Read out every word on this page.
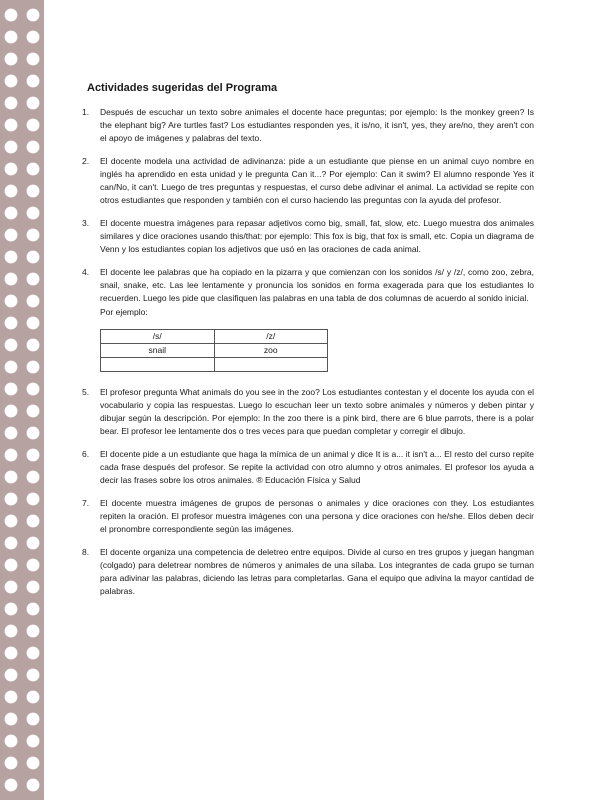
Actividades sugeridas del Programa
1.	Después de escuchar un texto sobre animales el docente hace preguntas; por ejemplo: Is the monkey green? Is the elephant big? Are turtles fast? Los estudiantes responden yes, it is/no, it isn't, yes, they are/no, they aren't con el apoyo de imágenes y palabras del texto.

2.	El docente modela una actividad de adivinanza: pide a un estudiante que piense en un animal cuyo nombre en inglés ha aprendido en esta unidad y le pregunta Can it...? Por ejemplo: Can it swim? El alumno responde Yes it can/No, it can't. Luego de tres preguntas y respuestas, el curso debe adivinar el animal. La actividad se repite con otros estudiantes que responden y también con el curso haciendo las preguntas con la ayuda del profesor.

3.	El docente muestra imágenes para repasar adjetivos como big, small, fat, slow, etc. Luego muestra dos animales similares y dice oraciones usando this/that: por ejemplo: This fox is big, that fox is small, etc. Copia un diagrama de Venn y los estudiantes copian los adjetivos que usó en las oraciones de cada animal.

4.	El docente lee palabras que ha copiado en la pizarra y que comienzan con los sonidos /s/ y /z/, como zoo, zebra, snail, snake, etc. Las lee lentamente y pronuncia los sonidos en forma exagerada para que los estudiantes lo recuerden. Luego les pide que clasifiquen las palabras en una tabla de dos columnas de acuerdo al sonido inicial.

Por ejemplo:
/s/	/z/
snail	zoo

5.	El profesor pregunta What animals do you see in the zoo? Los estudiantes contestan y el docente los ayuda con el vocabulario y copia las respuestas. Luego lo escuchan leer un texto sobre animales y números y deben pintar y dibujar según la descripción. Por ejemplo: In the zoo there is a pink bird, there are 6 blue parrots, there is a polar bear. El profesor lee lentamente dos o tres veces para que puedan completar y corregir el dibujo.

6.	El docente pide a un estudiante que haga la mímica de un animal y dice It is a... it isn't a... El resto del curso repite cada frase después del profesor. Se repite la actividad con otro alumno y otros animales. El profesor los ayuda a decir las frases sobre los otros animales. ® Educación Física y Salud

7.	El docente muestra imágenes de grupos de personas o animales y dice oraciones con they. Los estudiantes repiten la oración. El profesor muestra imágenes con una persona y dice oraciones con he/she. Ellos deben decir el pronombre correspondiente según las imágenes.

8.	El docente organiza una competencia de deletreo entre equipos. Divide al curso en tres grupos y juegan hangman (colgado) para deletrear nombres de números y animales de una sílaba. Los integrantes de cada grupo se turnan para adivinar las palabras, diciendo las letras para completarlas. Gana el equipo que adivina la mayor cantidad de palabras.
